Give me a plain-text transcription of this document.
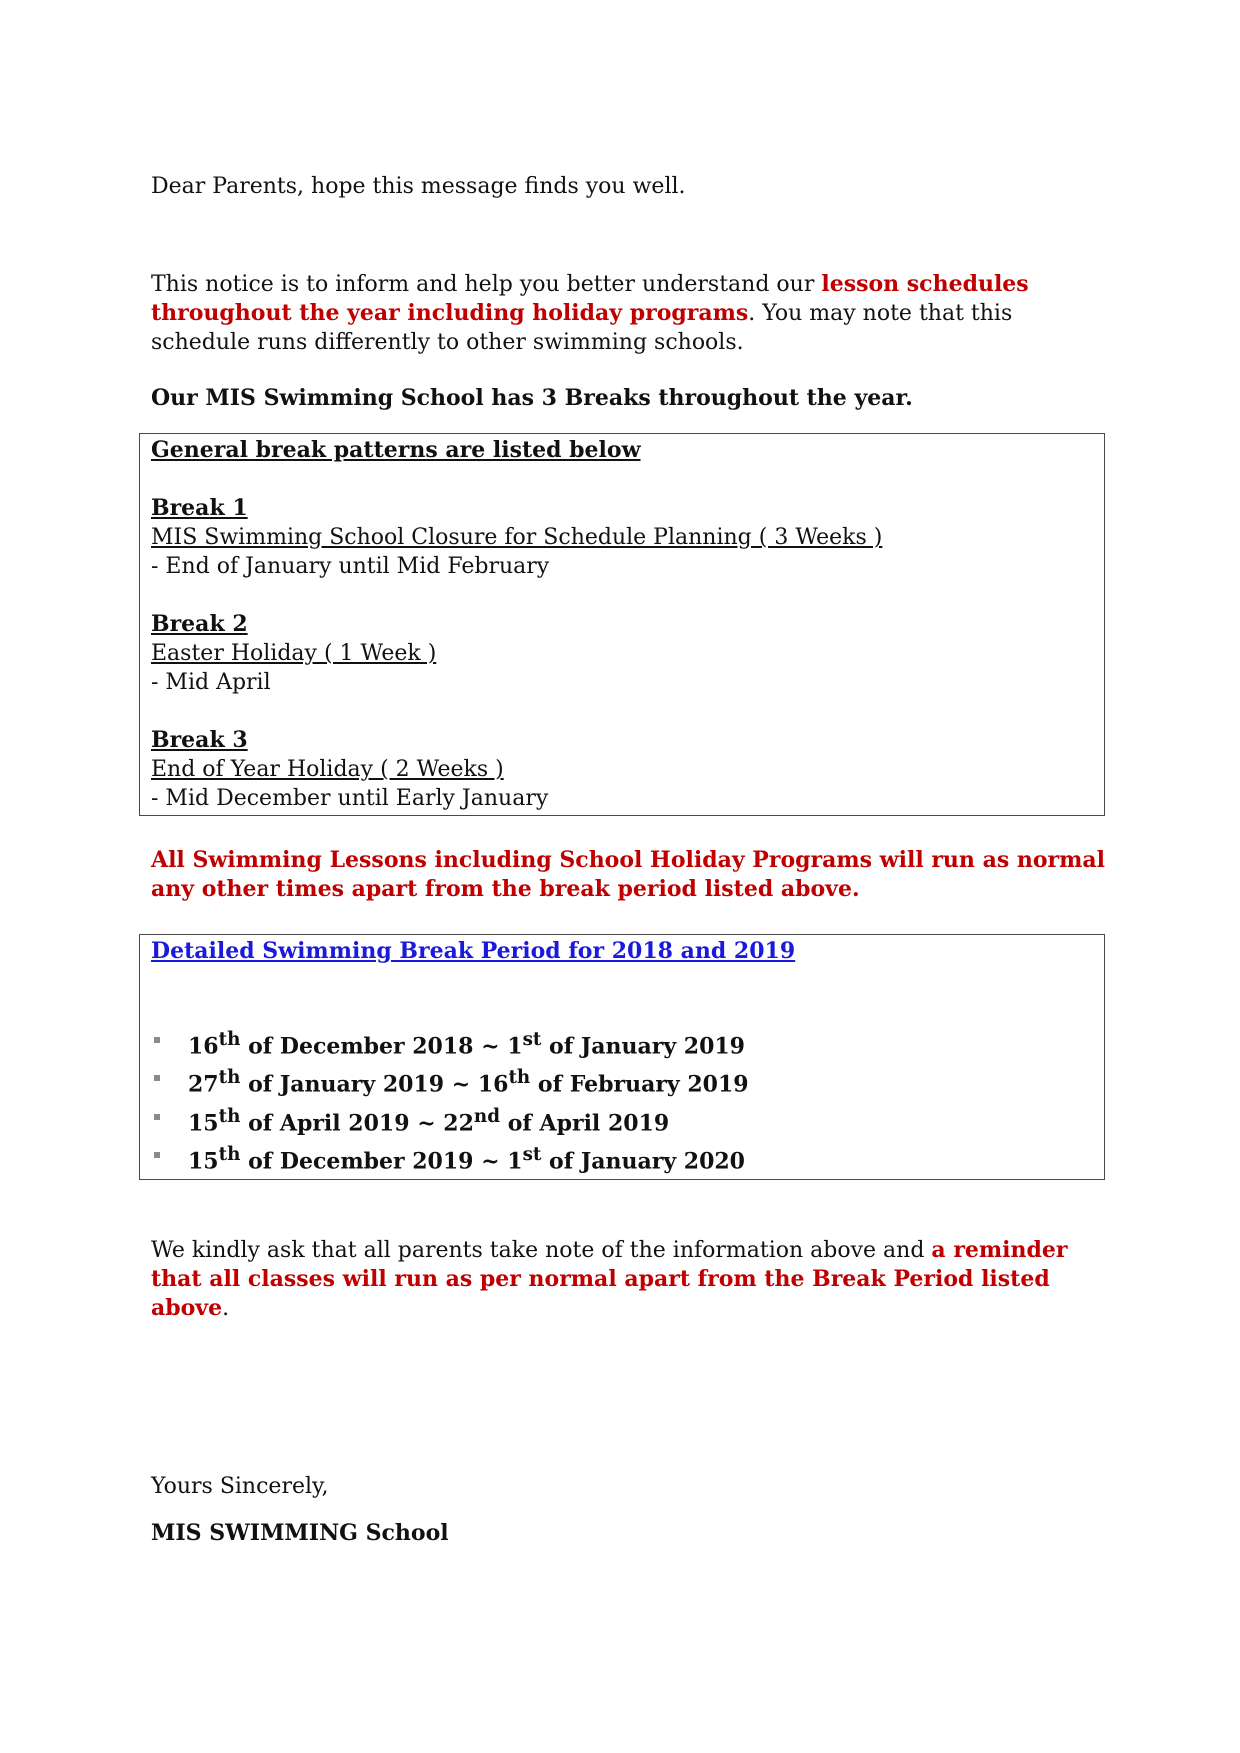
Dear Parents, hope this message finds you well.

This notice is to inform and help you better understand our lesson schedules throughout the year including holiday programs. You may note that this schedule runs differently to other swimming schools.

Our MIS Swimming School has 3 Breaks throughout the year.

General break patterns are listed below

Break 1

MIS Swimming School Closure for Schedule Planning ( 3 Weeks )

- End of January until Mid February

Break 2

Easter Holiday ( 1 Week )

- Mid April

Break 3

End of Year Holiday ( 2 Weeks )

- Mid December until Early January

All Swimming Lessons including School Holiday Programs will run as normal any other times apart from the break period listed above.

Detailed Swimming Break Period for 2018 and 2019

16th of December 2018 ~ 1st of January 2019
27th of January 2019 ~ 16th of February 2019
15th of April 2019 ~ 22nd of April 2019
15th of December 2019 ~ 1st of January 2020

We kindly ask that all parents take note of the information above and a reminder that all classes will run as per normal apart from the Break Period listed above.

Yours Sincerely,

MIS SWIMMING School
